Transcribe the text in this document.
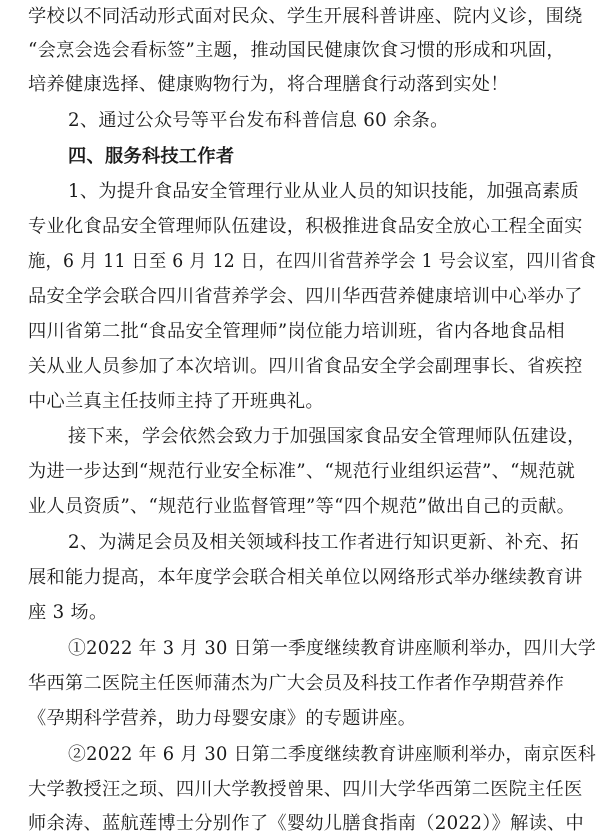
学校以不同活动形式面对民众、学生开展科普讲座、院内义诊，围绕
“会烹会选会看标签”主题，推动国民健康饮食习惯的形成和巩固，
培养健康选择、健康购物行为，将合理膳食行动落到实处！
2、通过公众号等平台发布科普信息 60 余条。
四、服务科技工作者
1、为提升食品安全管理行业从业人员的知识技能，加强高素质
专业化食品安全管理师队伍建设，积极推进食品安全放心工程全面实
施，6 月 11 日至 6 月 12 日，在四川省营养学会 1 号会议室，四川省食
品安全学会联合四川省营养学会、四川华西营养健康培训中心举办了
四川省第二批“食品安全管理师”岗位能力培训班，省内各地食品相
关从业人员参加了本次培训。四川省食品安全学会副理事长、省疾控
中心兰真主任技师主持了开班典礼。
接下来，学会依然会致力于加强国家食品安全管理师队伍建设，
为进一步达到“规范行业安全标准”、“规范行业组织运营”、“规范就
业人员资质”、“规范行业监督管理”等“四个规范”做出自己的贡献。
2、为满足会员及相关领域科技工作者进行知识更新、补充、拓
展和能力提高，本年度学会联合相关单位以网络形式举办继续教育讲
座 3 场。
①2022 年 3 月 30 日第一季度继续教育讲座顺利举办，四川大学
华西第二医院主任医师蒲杰为广大会员及科技工作者作孕期营养作
《孕期科学营养，助力母婴安康》的专题讲座。
②2022 年 6 月 30 日第二季度继续教育讲座顺利举办，南京医科
大学教授汪之顼、四川大学教授曾果、四川大学华西第二医院主任医
师余涛、蓝航莲博士分别作了《婴幼儿膳食指南（2022）》解读、中
